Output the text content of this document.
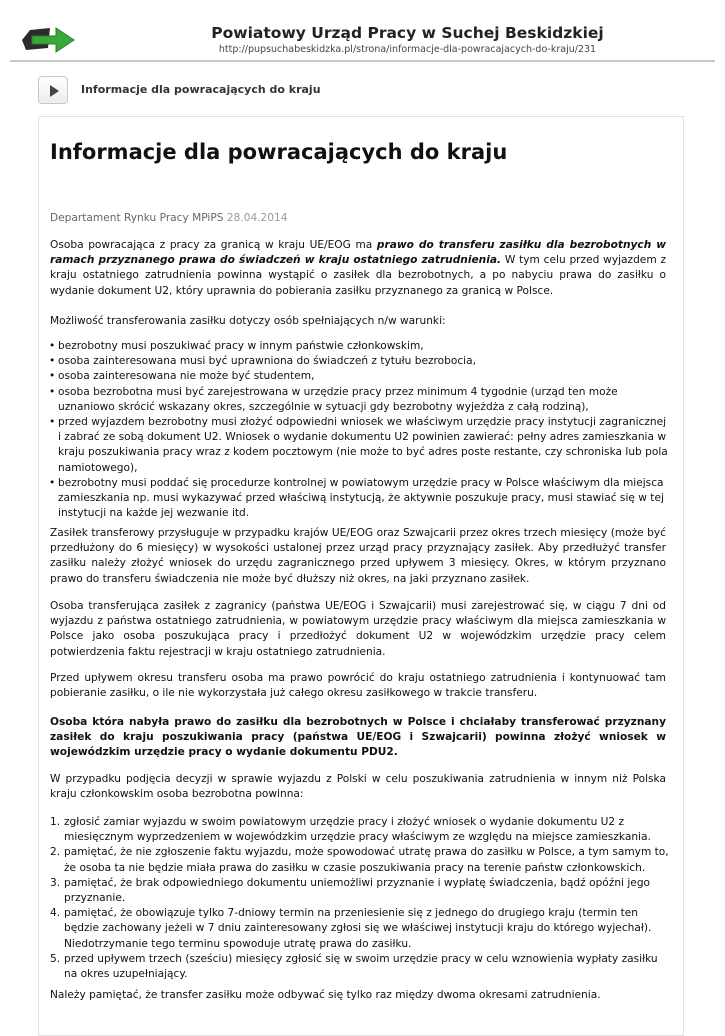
Powiatowy Urząd Pracy w Suchej Beskidzkiej
http://pupsuchabeskidzka.pl/strona/informacje-dla-powracajacych-do-kraju/231
Informacje dla powracających do kraju
Informacje dla powracających do kraju
Departament Rynku Pracy MPiPS 28.04.2014
Osoba powracająca z pracy za granicą w kraju UE/EOG ma prawo do transferu zasiłku dla bezrobotnych w ramach przyznanego prawa do świadczeń w kraju ostatniego zatrudnienia. W tym celu przed wyjazdem z kraju ostatniego zatrudnienia powinna wystąpić o zasiłek dla bezrobotnych, a po nabyciu prawa do zasiłku o wydanie dokument U2, który uprawnia do pobierania zasiłku przyznanego za granicą w Polsce.
Możliwość transferowania zasiłku dotyczy osób spełniających n/w warunki:
• bezrobotny musi poszukiwać pracy w innym państwie członkowskim,
• osoba zainteresowana musi być uprawniona do świadczeń z tytułu bezrobocia,
• osoba zainteresowana nie może być studentem,
• osoba bezrobotna musi być zarejestrowana w urzędzie pracy przez minimum 4 tygodnie (urząd ten może uznaniowo skrócić wskazany okres, szczególnie w sytuacji gdy bezrobotny wyjeżdża z całą rodziną),
• przed wyjazdem bezrobotny musi złożyć odpowiedni wniosek we właściwym urzędzie pracy instytucji zagranicznej i zabrać ze sobą dokument U2. Wniosek o wydanie dokumentu U2 powinien zawierać: pełny adres zamieszkania w kraju poszukiwania pracy wraz z kodem pocztowym (nie może to być adres poste restante, czy schroniska lub pola namiotowego),
• bezrobotny musi poddać się procedurze kontrolnej w powiatowym urzędzie pracy w Polsce właściwym dla miejsca zamieszkania np. musi wykazywać przed właściwą instytucją, że aktywnie poszukuje pracy, musi stawiać się w tej instytucji na każde jej wezwanie itd.
Zasiłek transferowy przysługuje w przypadku krajów UE/EOG oraz Szwajcarii przez okres trzech miesięcy (może być przedłużony do 6 miesięcy) w wysokości ustalonej przez urząd pracy przyznający zasiłek. Aby przedłużyć transfer zasiłku należy złożyć wniosek do urzędu zagranicznego przed upływem 3 miesięcy. Okres, w którym przyznano prawo do transferu świadczenia nie może być dłuższy niż okres, na jaki przyznano zasiłek.
Osoba transferująca zasiłek z zagranicy (państwa UE/EOG i Szwajcarii) musi zarejestrować się, w ciągu 7 dni od wyjazdu z państwa ostatniego zatrudnienia, w powiatowym urzędzie pracy właściwym dla miejsca zamieszkania w Polsce jako osoba poszukująca pracy i przedłożyć dokument U2 w wojewódzkim urzędzie pracy celem potwierdzenia faktu rejestracji w kraju ostatniego zatrudnienia.
Przed upływem okresu transferu osoba ma prawo powrócić do kraju ostatniego zatrudnienia i kontynuować tam pobieranie zasiłku, o ile nie wykorzystała już całego okresu zasiłkowego w trakcie transferu.
Osoba która nabyła prawo do zasiłku dla bezrobotnych w Polsce i chciałaby transferować przyznany zasiłek do kraju poszukiwania pracy (państwa UE/EOG i Szwajcarii) powinna złożyć wniosek w wojewódzkim urzędzie pracy o wydanie dokumentu PDU2.
W przypadku podjęcia decyzji w sprawie wyjazdu z Polski w celu poszukiwania zatrudnienia w innym niż Polska kraju członkowskim osoba bezrobotna powinna:
1. zgłosić zamiar wyjazdu w swoim powiatowym urzędzie pracy i złożyć wniosek o wydanie dokumentu U2 z miesięcznym wyprzedzeniem w wojewódzkim urzędzie pracy właściwym ze względu na miejsce zamieszkania.
2. pamiętać, że nie zgłoszenie faktu wyjazdu, może spowodować utratę prawa do zasiłku w Polsce, a tym samym to, że osoba ta nie będzie miała prawa do zasiłku w czasie poszukiwania pracy na terenie państw członkowskich.
3. pamiętać, że brak odpowiedniego dokumentu uniemożliwi przyznanie i wypłatę świadczenia, bądź opóźni jego przyznanie.
4. pamiętać, że obowiązuje tylko 7-dniowy termin na przeniesienie się z jednego do drugiego kraju (termin ten będzie zachowany jeżeli w 7 dniu zainteresowany zgłosi się we właściwej instytucji kraju do którego wyjechał). Niedotrzymanie tego terminu spowoduje utratę prawa do zasiłku.
5. przed upływem trzech (sześciu) miesięcy zgłosić się w swoim urzędzie pracy w celu wznowienia wypłaty zasiłku na okres uzupełniający.
Należy pamiętać, że transfer zasiłku może odbywać się tylko raz między dwoma okresami zatrudnienia.
